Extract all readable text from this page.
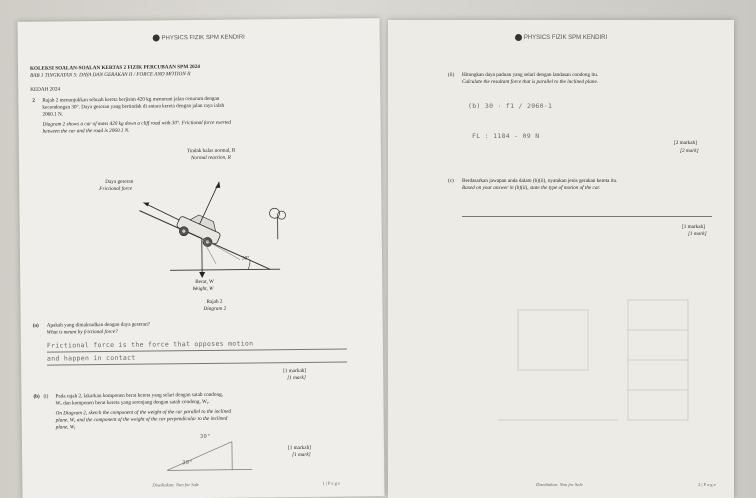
PHYSICS FIZIK SPM KENDIRI
KOLEKSI SOALAN-SOALAN KERTAS 2 FIZIK PERCUBAAN SPM 2024
BAB 1 TINGKATAN 5: DAYA DAN GERAKAN II / FORCE AND MOTION II
KEDAH 2024
2 Rajah 2 menunjukkan sebuah kereta berjisim 420 kg menuruni jalan cenuram dengan
kecondongan 30°. Daya geseran yang bertindak di antara kereta dengan jalan raya ialah
2060.1 N.
Diagram 2 shows a car of mass 420 kg down a cliff road with 30°. Frictional force exerted
between the car and the road is 2060.1 N.
Tindak balas normal, R
Normal reaction, R
Daya geseran
Frictional force
30°
Berat, W
Weight, W
Rajah 2
Diagram 2
(a) Apakah yang dimaksudkan dengan daya geseran?
What is meant by frictional force?
Frictional force is the force that opposes motion
and happen in contact
[1 markah]
[1 mark]
(b) (i) Pada rajah 2, lakarkan komponen berat kereta yang selari dengan satah condong,
Wₓ dan komponen berat kereta yang serenjang dengan satah condong, Wᵧ.
On Diagram 2, sketch the component of the weight of the car parallel to the inclined
plane, Wₓ and the component of the weight of the car perpendicular to the inclined
plane, Wᵧ
30°
30°
[1 markah]
[1 mark]
Disediakan: Nan for Sale	1 | P a g e
PHYSICS FIZIK SPM KENDIRI
(ii) Hitungkan daya paduan yang selari dengan landasan condong itu.
Calculate the resultant force that is parallel to the inclined plane.
(b) 30 · f1 / 2060·1
FL : 1184 - 09 N
[2 markah]
[2 mark]
(c) Berdasarkan jawapan anda dalam (b)(ii), nyatakan jenis gerakan kereta itu.
Based on your answer in (b)(ii), state the type of motion of the car.
[1 markah]
[1 mark]
Disediakan: Nan for Sale	2 | P a g e
